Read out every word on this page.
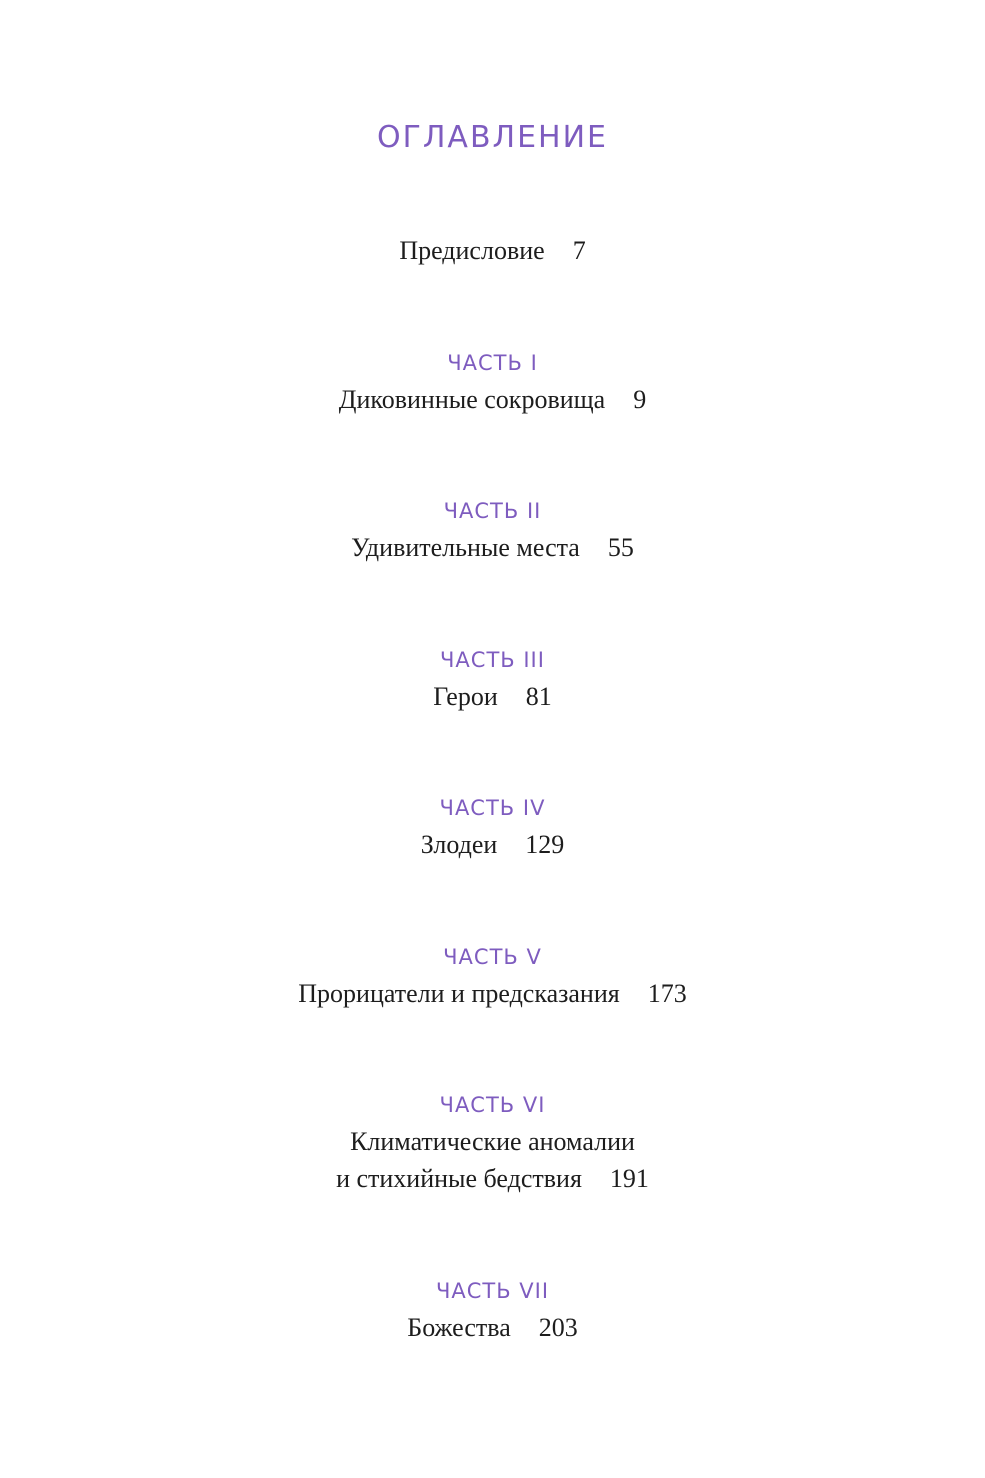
ОГЛАВЛЕНИЕ
Предисловие 7
ЧАСТЬ I
Диковинные сокровища 9
ЧАСТЬ II
Удивительные места 55
ЧАСТЬ III
Герои 81
ЧАСТЬ IV
Злодеи 129
ЧАСТЬ V
Прорицатели и предсказания 173
ЧАСТЬ VI
Климатические аномалии
и стихийные бедствия 191
ЧАСТЬ VII
Божества 203
